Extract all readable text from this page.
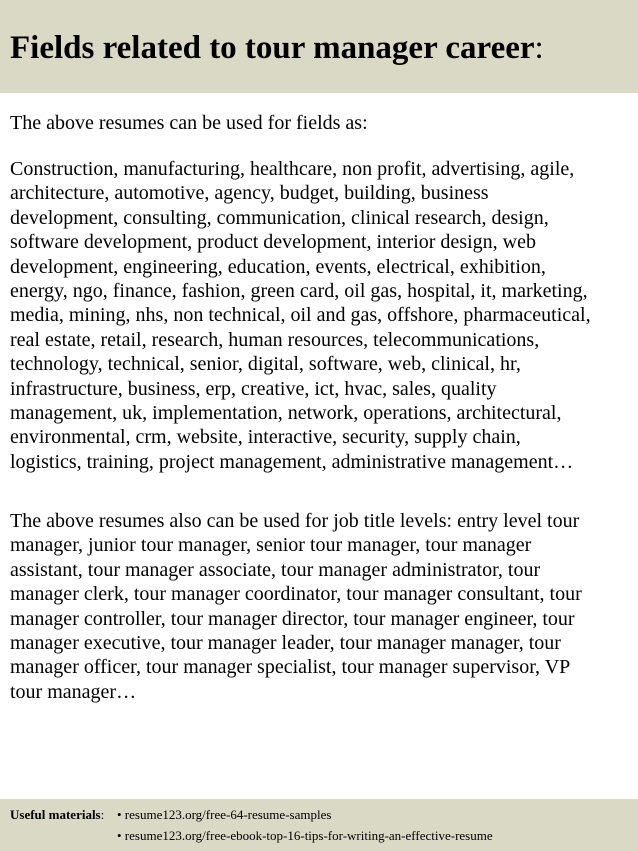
Fields related to tour manager career:

The above resumes can be used for fields as:

Construction, manufacturing, healthcare, non profit, advertising, agile,
architecture, automotive, agency, budget, building, business
development, consulting, communication, clinical research, design,
software development, product development, interior design, web
development, engineering, education, events, electrical, exhibition,
energy, ngo, finance, fashion, green card, oil gas, hospital, it, marketing,
media, mining, nhs, non technical, oil and gas, offshore, pharmaceutical,
real estate, retail, research, human resources, telecommunications,
technology, technical, senior, digital, software, web, clinical, hr,
infrastructure, business, erp, creative, ict, hvac, sales, quality
management, uk, implementation, network, operations, architectural,
environmental, crm, website, interactive, security, supply chain,
logistics, training, project management, administrative management…

The above resumes also can be used for job title levels: entry level tour
manager, junior tour manager, senior tour manager, tour manager
assistant, tour manager associate, tour manager administrator, tour
manager clerk, tour manager coordinator, tour manager consultant, tour
manager controller, tour manager director, tour manager engineer, tour
manager executive, tour manager leader, tour manager manager, tour
manager officer, tour manager specialist, tour manager supervisor, VP
tour manager…

Useful materials: • resume123.org/free-64-resume-samples
• resume123.org/free-ebook-top-16-tips-for-writing-an-effective-resume
